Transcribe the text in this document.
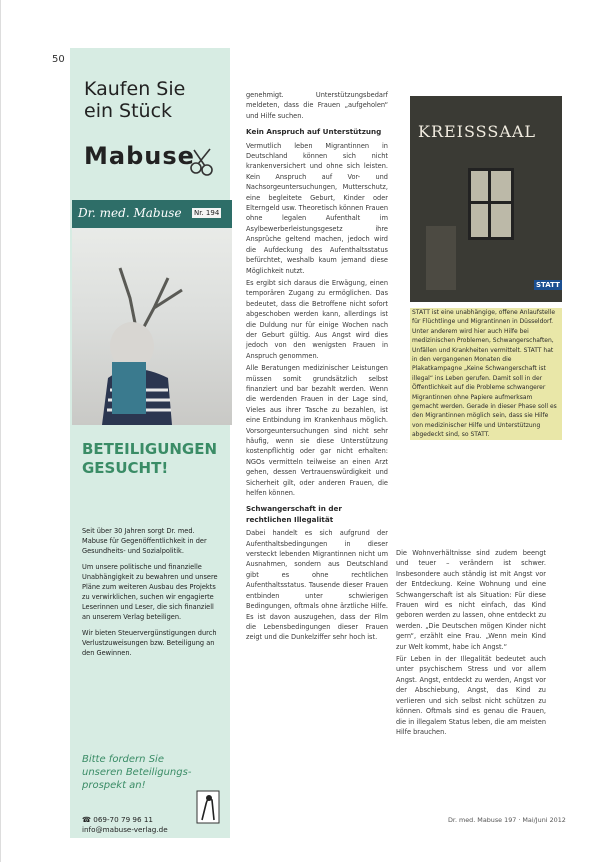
50
Kaufen Sie
ein Stück
Mabuse
Dr. med. Mabuse Nr. 194
BETEILIGUNGEN
GESUCHT!

Seit über 30 Jahren sorgt Dr. med. Mabuse für Gegenöffentlichkeit in der Gesundheits- und Sozialpolitik.

Um unsere politische und finanzielle Unabhängigkeit zu bewahren und unsere Pläne zum weiteren Ausbau des Projekts zu verwirklichen, suchen wir engagierte Leserinnen und Leser, die sich finanziell an unserem Verlag beteiligen.

Wir bieten Steuervergünstigungen durch Verlustzuweisungen bzw. Beteiligung an den Gewinnen.

Bitte fordern Sie
unseren Beteiligungs-
prospekt an!
☎ 069-70 79 96 11
info@mabuse-verlag.de

genehmigt. Unterstützungsbedarf meldeten, dass die Frauen „aufgeholen“ und Hilfe suchen.

Kein Anspruch auf Unterstützung

Vermutlich leben Migrantinnen in Deutschland können sich nicht krankenversichert und ohne sich leisten. Kein Anspruch auf Vor- und Nachsorgeuntersuchungen, Mutterschutz, eine begleitete Geburt, Kinder oder Elterngeld usw. Theoretisch können Frauen ohne legalen Aufenthalt im Asylbewerberleistungsgesetz ihre Ansprüche geltend machen, jedoch wird die Aufdeckung des Aufenthaltsstatus befürchtet, weshalb kaum jemand diese Möglichkeit nutzt.

Es ergibt sich daraus die Erwägung, einen temporären Zugang zu ermöglichen. Das bedeutet, dass die Betroffene nicht sofort abgeschoben werden kann, allerdings ist die Duldung nur für einige Wochen nach der Geburt gültig. Aus Angst wird dies jedoch von den wenigsten Frauen in Anspruch genommen.

Alle Beratungen medizinischer Leistungen müssen somit grundsätzlich selbst finanziert und bar bezahlt werden. Wenn die werdenden Frauen in der Lage sind, Vieles aus ihrer Tasche zu bezahlen, ist eine Entbindung im Krankenhaus möglich. Vorsorgeuntersuchungen sind nicht sehr häufig, wenn sie diese Unterstützung kostenpflichtig oder gar nicht erhalten: NGOs vermitteln teilweise an einen Arzt gehen, dessen Vertrauenswürdigkeit und Sicherheit gilt, oder anderen Frauen, die helfen können.

Schwangerschaft in der rechtlichen Illegalität

Dabei handelt es sich aufgrund der Aufenthaltsbedingungen in dieser versteckt lebenden Migrantinnen nicht um Ausnahmen, sondern aus Deutschland gibt es ohne rechtlichen Aufenthaltsstatus. Tausende dieser Frauen entbinden unter schwierigen Bedingungen, oftmals ohne ärztliche Hilfe. Es ist davon auszugehen, dass der Film die Lebensbedingungen dieser Frauen zeigt und die Dunkelziffer sehr hoch ist.

KREISSSAAL
STATT

STATT ist eine unabhängige, offene Anlaufstelle für Flüchtlinge und Migrantinnen in Düsseldorf. Unter anderem wird hier auch Hilfe bei medizinischen Problemen, Schwangerschaften, Unfällen und Krankheiten vermittelt. STATT hat in den vergangenen Monaten die Plakatkampagne „Keine Schwangerschaft ist illegal“ ins Leben gerufen. Damit soll in der Öffentlichkeit auf die Probleme schwangerer Migrantinnen ohne Papiere aufmerksam gemacht werden. Gerade in dieser Phase soll es den Migrantinnen möglich sein, dass sie Hilfe von medizinischer Hilfe und Unterstützung abgedeckt sind, so STATT.

Die Wohnverhältnisse sind zudem beengt und teuer – verändern ist schwer. Insbesondere auch ständig ist mit Angst vor der Entdeckung. Keine Wohnung und eine Schwangerschaft ist als Situation: Für diese Frauen wird es nicht einfach, das Kind geboren werden zu lassen, ohne entdeckt zu werden. „Die Deutschen mögen Kinder nicht gern“, erzählt eine Frau. „Wenn mein Kind zur Welt kommt, habe ich Angst.“

Für Leben in der Illegalität bedeutet auch unter psychischem Stress und vor allem Angst. Angst, entdeckt zu werden, Angst vor der Abschiebung, Angst, das Kind zu verlieren und sich selbst nicht schützen zu können. Oftmals sind es genau die Frauen, die in illegalem Status leben, die am meisten Hilfe brauchen.

Dr. med. Mabuse 197 · Mai/Juni 2012
